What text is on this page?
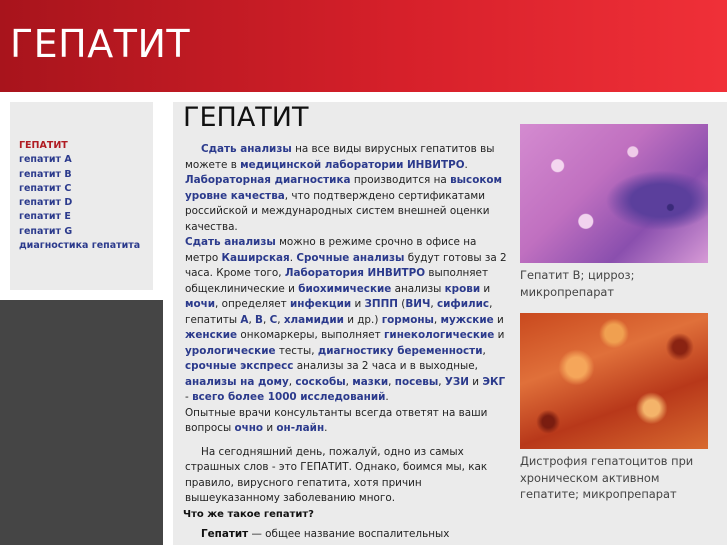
ГЕПАТИТ
ГЕПАТИТ
гепатит A
гепатит B
гепатит C
гепатит D
гепатит E
гепатит G
диагностика гепатита
ГЕПАТИТ

Сдать анализы на все виды вирусных гепатитов вы можете в медицинской лаборатории ИНВИТРО.
Лабораторная диагностика производится на высоком уровне качества, что подтверждено сертификатами российской и международных систем внешней оценки качества.

Сдать анализы можно в режиме срочно в офисе на метро Каширская. Срочные анализы будут готовы за 2 часа. Кроме того, Лаборатория ИНВИТРО выполняет общеклинические и биохимические анализы крови и мочи, определяет инфекции и ЗППП (ВИЧ, сифилис, гепатиты А, В, С, хламидии и др.) гормоны, мужские и женские онкомаркеры, выполняет гинекологические и урологические тесты, диагностику беременности, срочные экспресс анализы за 2 часа и в выходные, анализы на дому, соскобы, мазки, посевы, УЗИ и ЭКГ - всего более 1000 исследований.

Опытные врачи консультанты всегда ответят на ваши вопросы очно и он-лайн.

На сегодняшний день, пожалуй, одно из самых страшных слов - это ГЕПАТИТ. Однако, боимся мы, как правило, вирусного гепатита, хотя причин вышеуказанному заболеванию много.

Что же такое гепатит?
Гепатит — общее название воспалительных
Гепатит B; цирроз; микропрепарат
Дистрофия гепатоцитов при хроническом активном гепатите; микропрепарат
